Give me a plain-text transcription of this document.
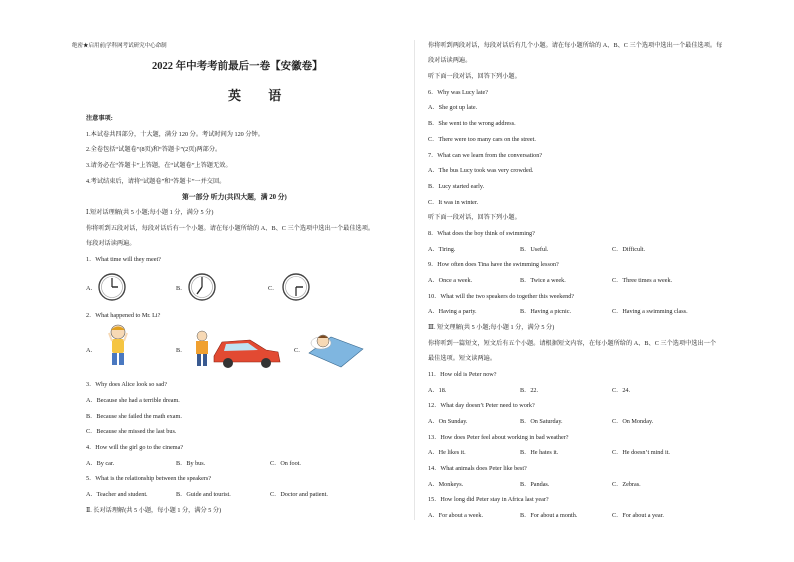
绝密★启用前|学科网考试研究中心命制
2022 年中考考前最后一卷【安徽卷】
英 语
注意事项:
1.本试卷共四部分，十大题，满分 120 分。考试时间为 120 分钟。
2.全卷包括“试题卷”(8页)和“答题卡”(2页)两部分。
3.请务必在“答题卡”上答题，在“试题卷”上答题无效。
4.考试结束后，请将“试题卷”和“答题卡”一并交回。
第一部分 听力(共四大题，满 20 分)
Ⅰ.短对话理解(共 5 小题;每小题 1 分，满分 5 分)
你将听到五段对话，每段对话后有一个小题。请在每小题所给的 A、B、C 三个选项中选出一个最佳选项。
每段对话读两遍。
1．What time will they meet?
A．	B．	C．
2．What happened to Mr. Li?
A．	B．	C．
3．Why does Alice look so sad?
A．Because she had a terrible dream.
B．Because she failed the math exam.
C．Because she missed the last bus.
4．How will the girl go to the cinema?
A．By car.	B．By bus.	C．On foot.
5．What is the relationship between the speakers?
A．Teacher and student.	B．Guide and tourist.	C．Doctor and patient.
Ⅱ. 长对话理解(共 5 小题，每小题 1 分，满分 5 分)
你将听到两段对话，每段对话后有几个小题。请在每小题所给的 A、B、C 三个选项中选出一个最佳选项。每
段对话读两遍。
听下面一段对话，回答下列小题。
6．Why was Lucy late?
A．She got up late.
B．She went to the wrong address.
C．There were too many cars on the street.
7．What can we learn from the conversation?
A．The bus Lucy took was very crowded.
B．Lucy started early.
C．It was in winter.
听下面一段对话，回答下列小题。
8．What does the boy think of swimming?
A．Tiring.	B．Useful.	C．Difficult.
9．How often does Tina have the swimming lesson?
A．Once a week.	B．Twice a week.	C．Three times a week.
10．What will the two speakers do together this weekend?
A．Having a party.	B．Having a picnic.	C．Having a swimming class.
Ⅲ. 短文理解(共 5 小题;每小题 1 分，满分 5 分)
你将听到一篇短文，短文后有五个小题。请根据短文内容，在每小题所给的 A、B、C 三个选项中选出一个
最佳选项。短文读两遍。
11．How old is Peter now?
A．18.	B．22.	C．24.
12．What day doesn’t Peter need to work?
A．On Sunday.	B．On Saturday.	C．On Monday.
13．How does Peter feel about working in bad weather?
A．He likes it.	B．He hates it.	C．He doesn’t mind it.
14．What animals does Peter like best?
A．Monkeys.	B．Pandas.	C．Zebras.
15．How long did Peter stay in Africa last year?
A．For about a week.	B．For about a month.	C．For about a year.
